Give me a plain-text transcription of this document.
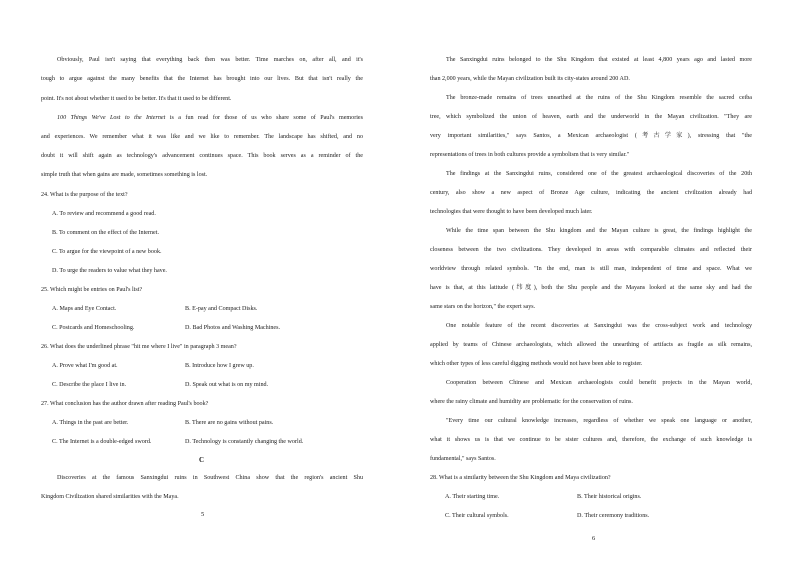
Obviously, Paul isn't saying that everything back then was better. Time marches on, after all, and it's
tough to argue against the many benefits that the Internet has brought into our lives. But that isn't really the
point. It's not about whether it used to be better. It's that it used to be different.
100 Things We've Lost to the Internet is a fun read for those of us who share some of Paul's memories
and experiences. We remember what it was like and we like to remember. The landscape has shifted, and no
doubt it will shift again as technology's advancement continues space. This book serves as a reminder of the
simple truth that when gains are made, sometimes something is lost.
24. What is the purpose of the text?
A. To review and recommend a good read.
B. To comment on the effect of the Internet.
C. To argue for the viewpoint of a new book.
D. To urge the readers to value what they have.
25. Which might be entries on Paul's list?
A. Maps and Eye Contact.	B. E-pay and Compact Disks.
C. Postcards and Homeschooling.	D. Bad Photos and Washing Machines.
26. What does the underlined phrase "hit me where I live" in paragraph 3 mean?
A. Prove what I'm good at.	B. Introduce how I grew up.
C. Describe the place I live in.	D. Speak out what is on my mind.
27. What conclusion has the author drawn after reading Paul's book?
A. Things in the past are better.	B. There are no gains without pains.
C. The Internet is a double-edged sword.	D. Technology is constantly changing the world.
C
Discoveries at the famous Sanxingdui ruins in Southwest China show that the region's ancient Shu
Kingdom Civilization shared similarities with the Maya.
5
The Sanxingdui ruins belonged to the Shu Kingdom that existed at least 4,800 years ago and lasted more
than 2,000 years, while the Mayan civilization built its city-states around 200 AD.
The bronze-made remains of trees unearthed at the ruins of the Shu Kingdom resemble the sacred ceiba
tree, which symbolized the union of heaven, earth and the underworld in the Mayan civilization. "They are
very important similarities," says Santos, a Mexican archaeologist (考古学家), stressing that "the
representations of trees in both cultures provide a symbolism that is very similar."
The findings at the Sanxingdui ruins, considered one of the greatest archaeological discoveries of the 20th
century, also show a new aspect of Bronze Age culture, indicating the ancient civilization already had
technologies that were thought to have been developed much later.
While the time span between the Shu kingdom and the Mayan culture is great, the findings highlight the
closeness between the two civilizations. They developed in areas with comparable climates and reflected their
worldview through related symbols. "In the end, man is still man, independent of time and space. What we
have is that, at this latitude (纬度), both the Shu people and the Mayans looked at the same sky and had the
same stars on the horizon," the expert says.
One notable feature of the recent discoveries at Sanxingdui was the cross-subject work and technology
applied by teams of Chinese archaeologists, which allowed the unearthing of artifacts as fragile as silk remains,
which other types of less careful digging methods would not have been able to register.
Cooperation between Chinese and Mexican archaeologists could benefit projects in the Mayan world,
where the rainy climate and humidity are problematic for the conservation of ruins.
"Every time our cultural knowledge increases, regardless of whether we speak one language or another,
what it shows us is that we continue to be sister cultures and, therefore, the exchange of such knowledge is
fundamental," says Santos.
28. What is a similarity between the Shu Kingdom and Maya civilization?
A. Their starting time.	B. Their historical origins.
C. Their cultural symbols.	D. Their ceremony traditions.
6
